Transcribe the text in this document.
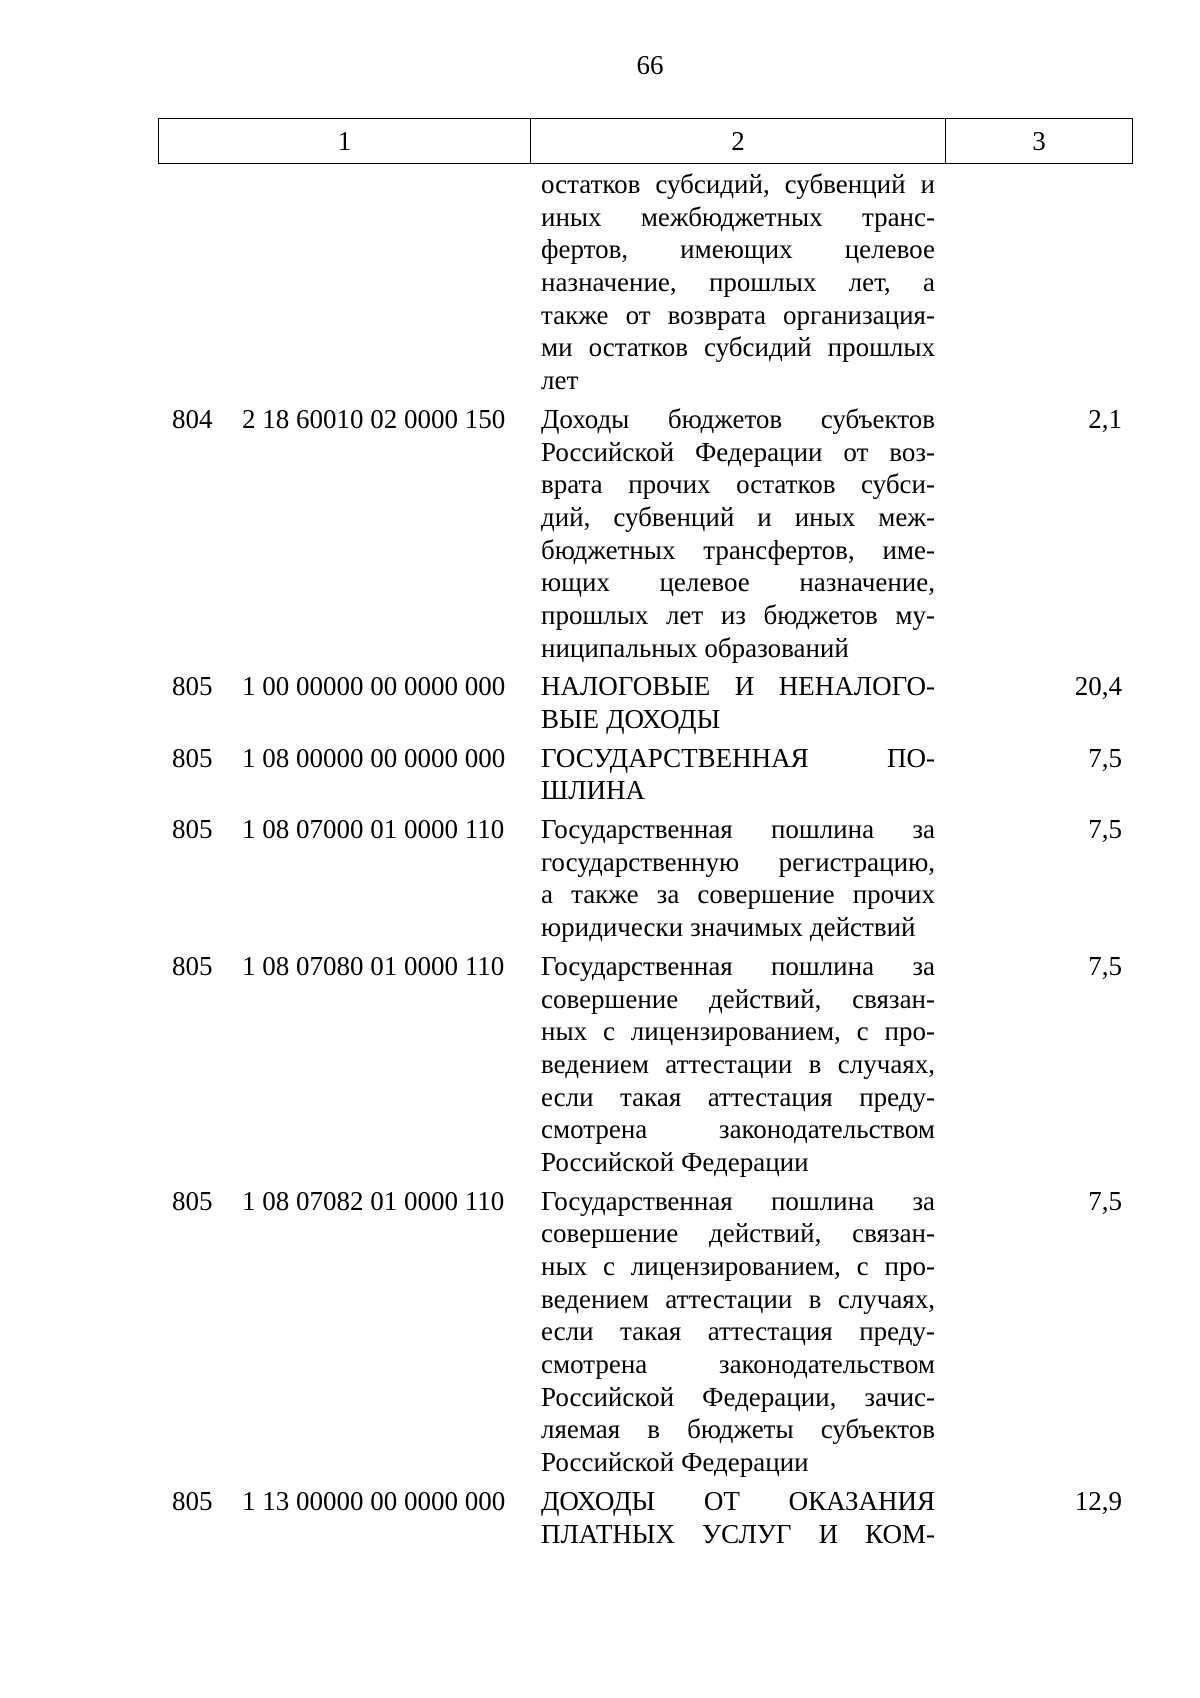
66
1	2	3
остатков субсидий, субвенций и
иных межбюджетных транс-
фертов, имеющих целевое
назначение, прошлых лет, а
также от возврата организация-
ми остатков субсидий прошлых
лет
804	2 18 60010 02 0000 150	Доходы бюджетов субъектов
Российской Федерации от воз-
врата прочих остатков субси-
дий, субвенций и иных меж-
бюджетных трансфертов, име-
ющих целевое назначение,
прошлых лет из бюджетов му-
ниципальных образований
2,1
805	1 00 00000 00 0000 000	НАЛОГОВЫЕ И НЕНАЛОГО-
ВЫЕ ДОХОДЫ
20,4
805	1 08 00000 00 0000 000	ГОСУДАРСТВЕННАЯ	ПО-
ШЛИНА
7,5
805	1 08 07000 01 0000 110	Государственная пошлина за
государственную регистрацию,
а также за совершение прочих
юридически значимых действий
7,5
805	1 08 07080 01 0000 110	Государственная пошлина за
совершение действий, связан-
ных с лицензированием, с про-
ведением аттестации в случаях,
если такая аттестация преду-
смотрена	законодательством
Российской Федерации
7,5
805	1 08 07082 01 0000 110	Государственная пошлина за
совершение действий, связан-
ных с лицензированием, с про-
ведением аттестации в случаях,
если такая аттестация преду-
смотрена	законодательством
Российской Федерации, зачис-
ляемая в бюджеты субъектов
Российской Федерации
7,5
805	1 13 00000 00 0000 000	ДОХОДЫ ОТ ОКАЗАНИЯ
ПЛАТНЫХ УСЛУГ И КОМ-
12,9
